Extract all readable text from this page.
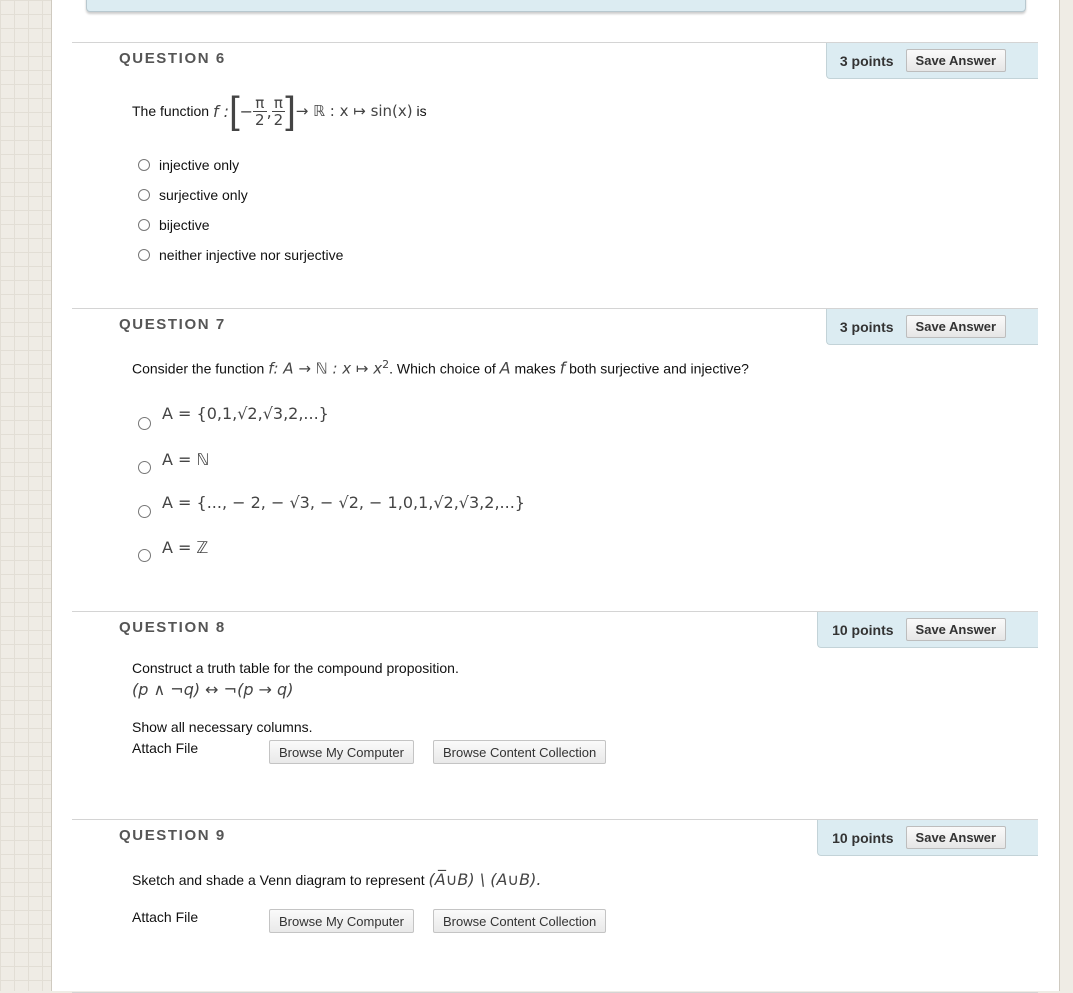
QUESTION 6	3 points	Save Answer
The function
f : [ − $\frac{\pi}{2}$ , $\frac{\pi}{2}$ ] → ℝ : x ↦ sin(x)
is
injective only
surjective only
bijective
neither injective nor surjective
QUESTION 7	3 points	Save Answer
Consider the function f: A → ℕ : x ↦ $x^2$. Which choice of A makes f both surjective and injective?
A = {0,1,√2,√3,2,...}
A = ℕ
A = {..., − 2, − √3, − √2, − 1,0,1,√2,√3,2,...}
A = ℤ
QUESTION 8	10 points	Save Answer
Construct a truth table for the compound proposition.
(p ∧ ¬q) ↔ ¬(p → q)
Show all necessary columns.
Attach File	Browse My Computer	Browse Content Collection
QUESTION 9	10 points	Save Answer
Sketch and shade a Venn diagram to represent (A̅∪B) \ (A∪B).
Attach File	Browse My Computer	Browse Content Collection
